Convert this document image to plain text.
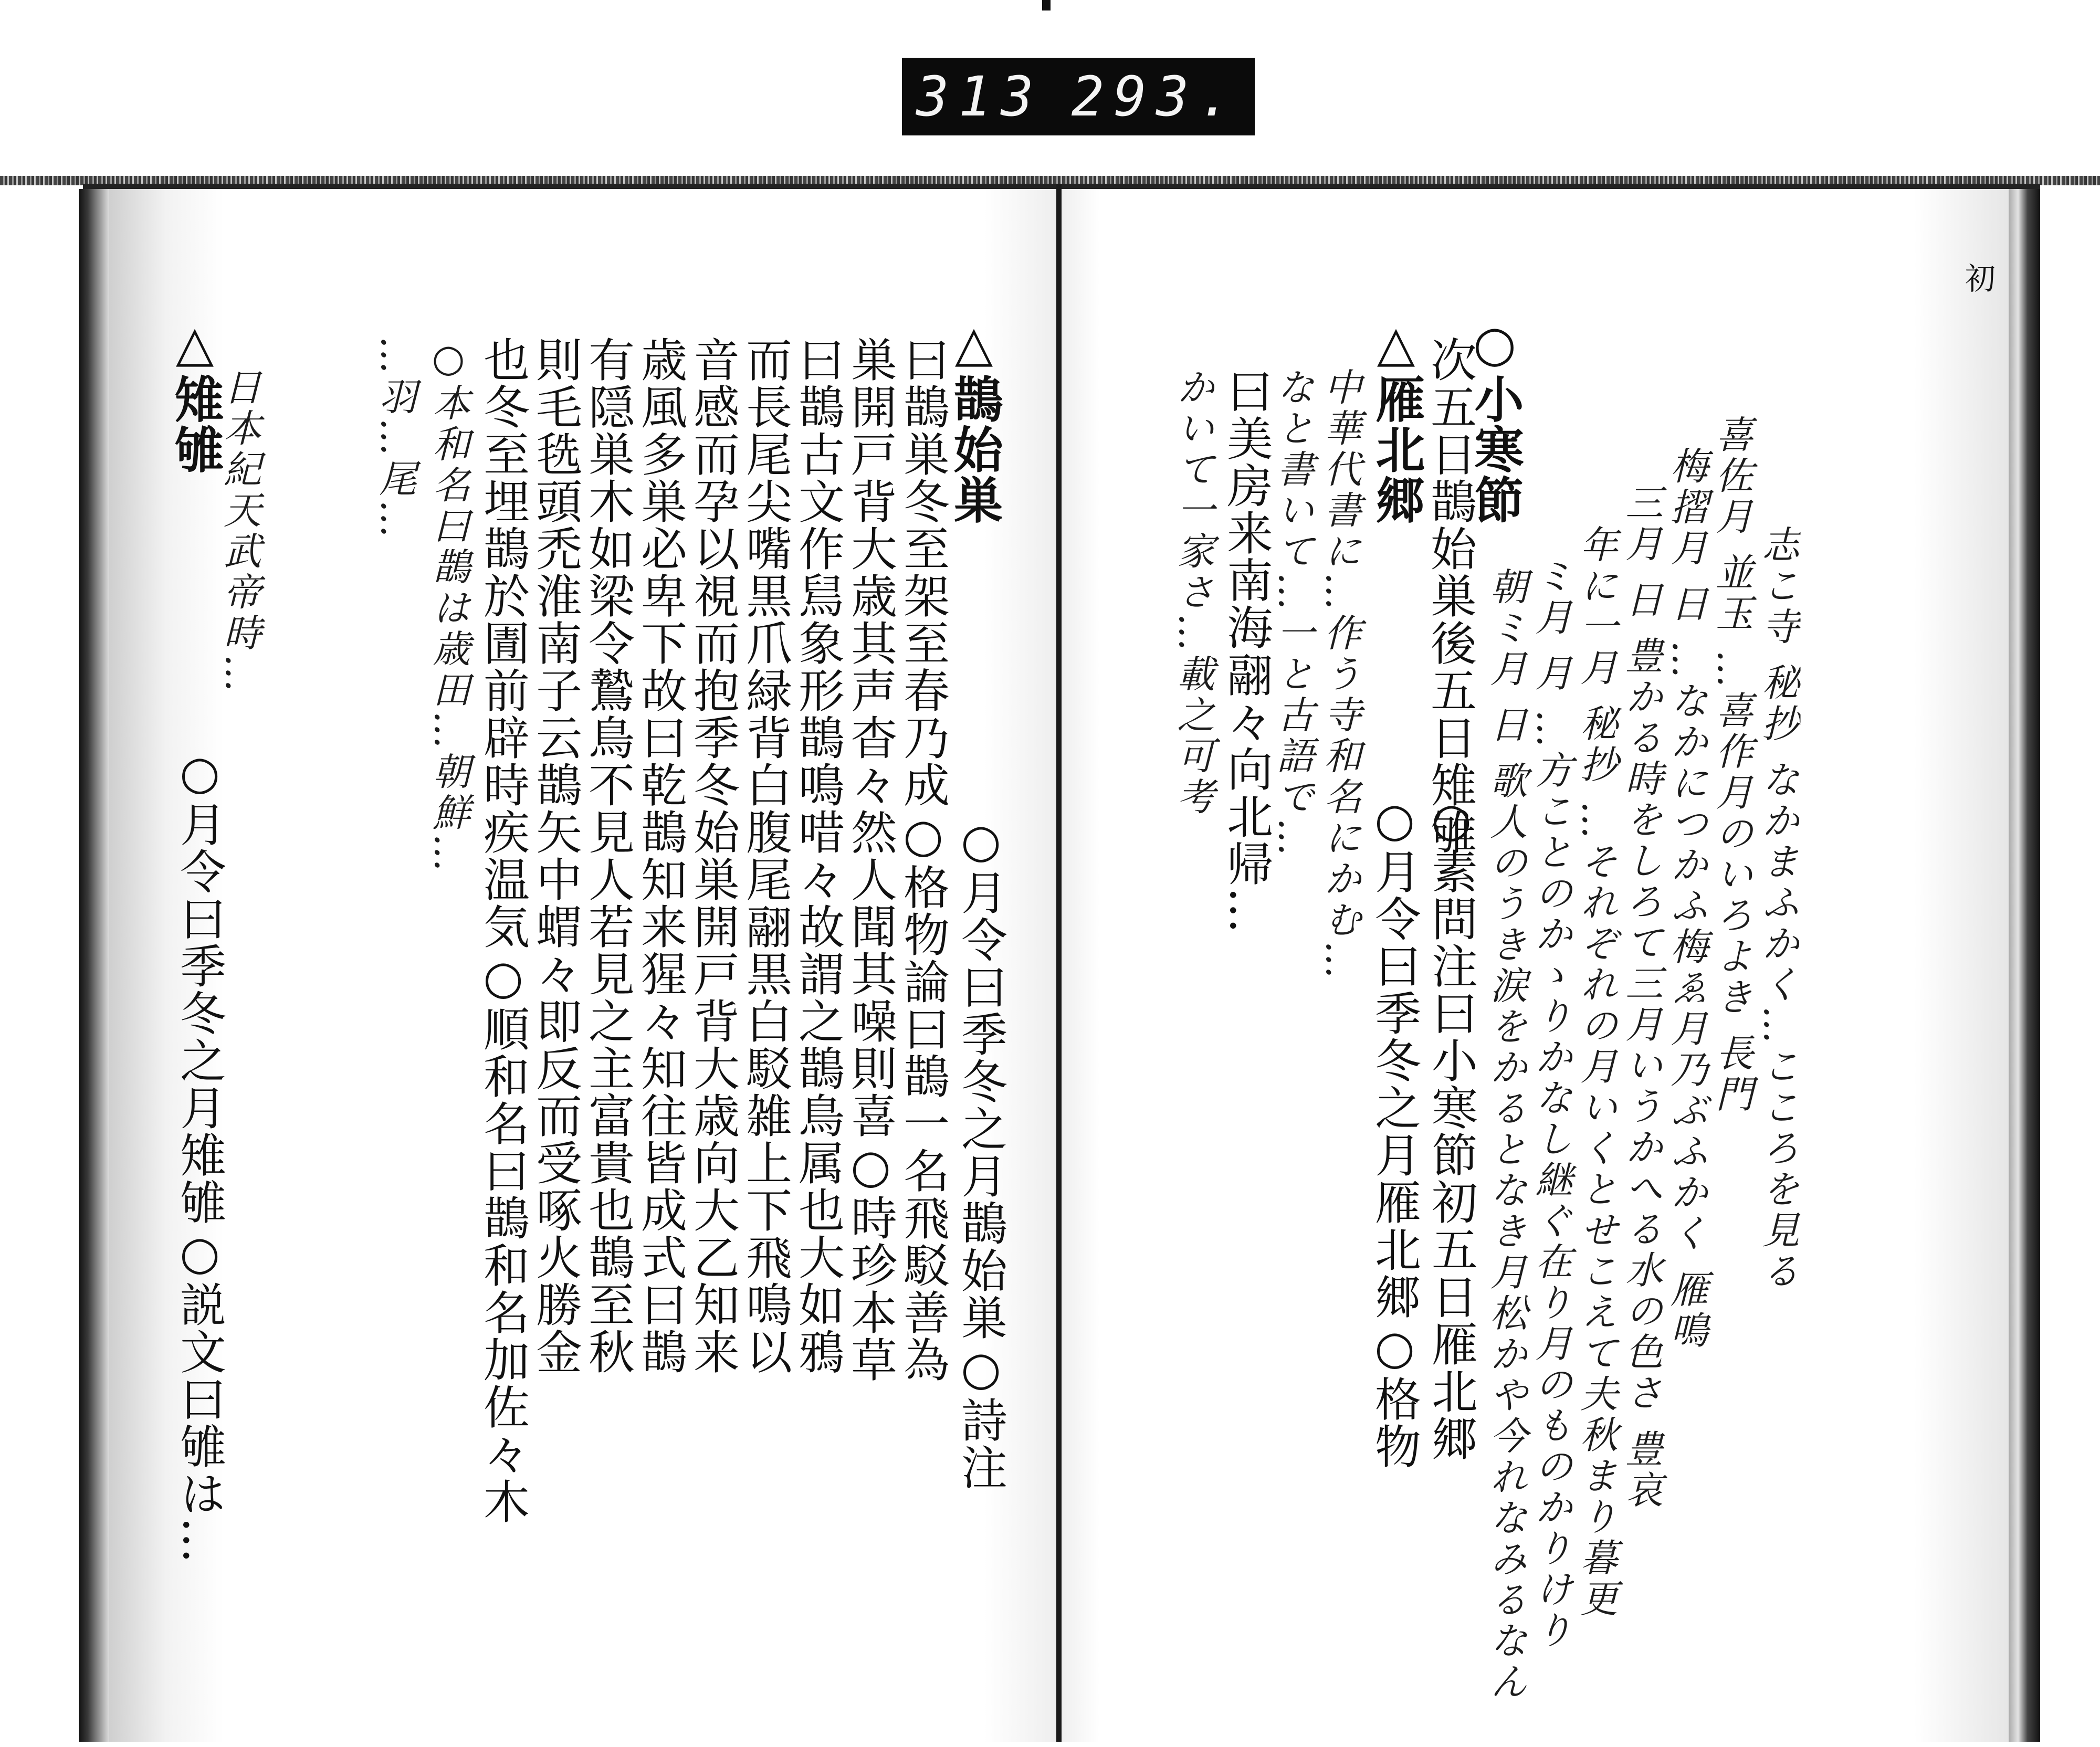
313 293.
初
志こ寺 秘抄 なかまふかく…こころを見る
喜佐月 並玉 …喜作月のいろよき 長門
梅摺月 日 …なかにつかふ梅ゑ月乃ぶふかく 雁鳴
三月 日 豊かる時をしろて三月いうかへる水の色さ 豊哀
年に一月 秘抄 …それぞれの月いくとせこえて夫秋まり暮更
ミ月 月 …方ことのかゝりかなし継ぐ在り月のものかりけり
朝ミ月 日 歌人のうき涙をかるとなき月松かや今れなみるなん
○小寒節
次五日鵲始巣後五日雉雊
○素問注曰小寒節初五日雁北郷
△雁北郷
○月令曰季冬之月雁北郷○格物
中華代書に…作う寺和名にかむ…
なと書いて…一と古語で…
曰美房来南海翮々向北帰…
かいて一家さ…載之可考
△鵲始巣
○月令曰季冬之月鵲始巣○詩注
曰鵲巣冬至架至春乃成○格物論曰鵲一名飛駁善為
巣開戸背大歳其声杳々然人聞其噪則喜○時珍本草
曰鵲古文作舃象形鵲鳴唶々故謂之鵲鳥属也大如鴉
而長尾尖嘴黒爪緑背白腹尾翮黒白駁雑上下飛鳴以
音感而孕以視而抱季冬始巣開戸背大歳向大乙知来
歳風多巣必卑下故曰乾鵲知来猩々知往皆成式曰鵲
有隠巣木如梁令鷙鳥不見人若見之主富貴也鵲至秋
則毛毨頭禿淮南子云鵲矢中蝟々即反而受啄火勝金
也冬至埋鵲於圊前辟時疾温気○順和名曰鵲和名加佐々木
○本和名曰鵲は歳田…朝鮮…
…羽…尾…
日本紀天武帝時…
△雉雊
○月令曰季冬之月雉雊○説文曰雊は…
